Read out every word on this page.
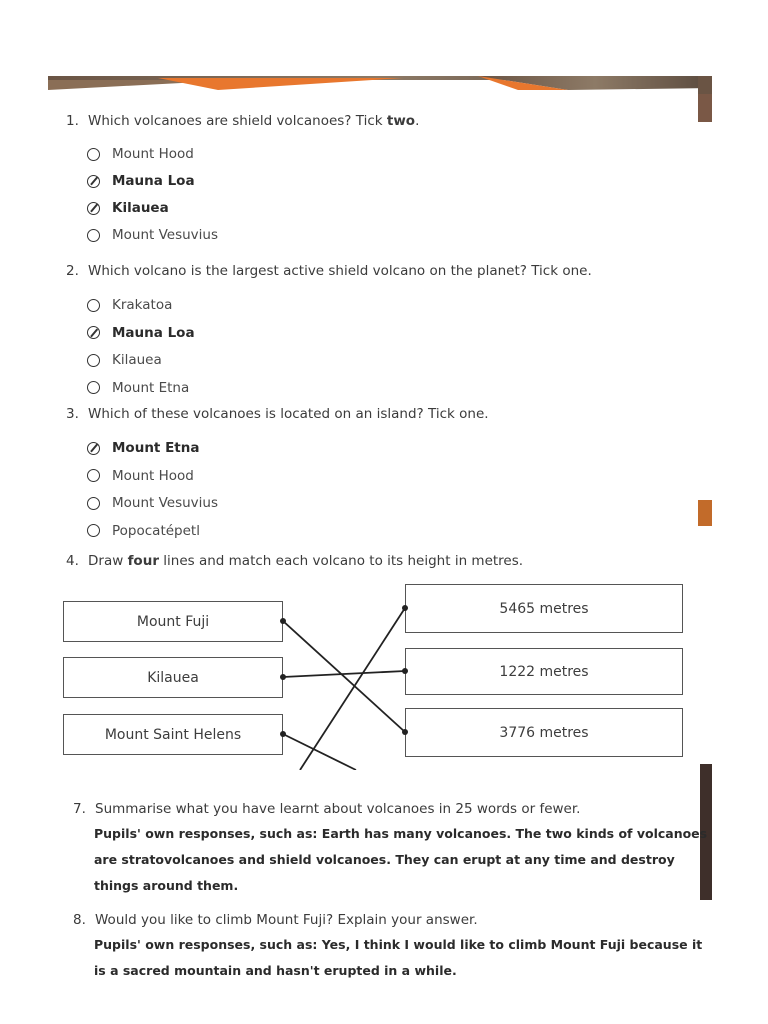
1. Which volcanoes are shield volcanoes? Tick two.
Mount Hood
Mauna Loa
Kilauea
Mount Vesuvius
2. Which volcano is the largest active shield volcano on the planet? Tick one.
Krakatoa
Mauna Loa
Kilauea
Mount Etna
3. Which of these volcanoes is located on an island? Tick one.
Mount Etna
Mount Hood
Mount Vesuvius
Popocatépetl
4. Draw four lines and match each volcano to its height in metres.
Mount Fuji
Kilauea
Mount Saint Helens
5465 metres
1222 metres
3776 metres
7. Summarise what you have learnt about volcanoes in 25 words or fewer.
Pupils' own responses, such as: Earth has many volcanoes. The two kinds of volcanoes
are stratovolcanoes and shield volcanoes. They can erupt at any time and destroy
things around them.
8. Would you like to climb Mount Fuji? Explain your answer.
Pupils' own responses, such as: Yes, I think I would like to climb Mount Fuji because it
is a sacred mountain and hasn't erupted in a while.
